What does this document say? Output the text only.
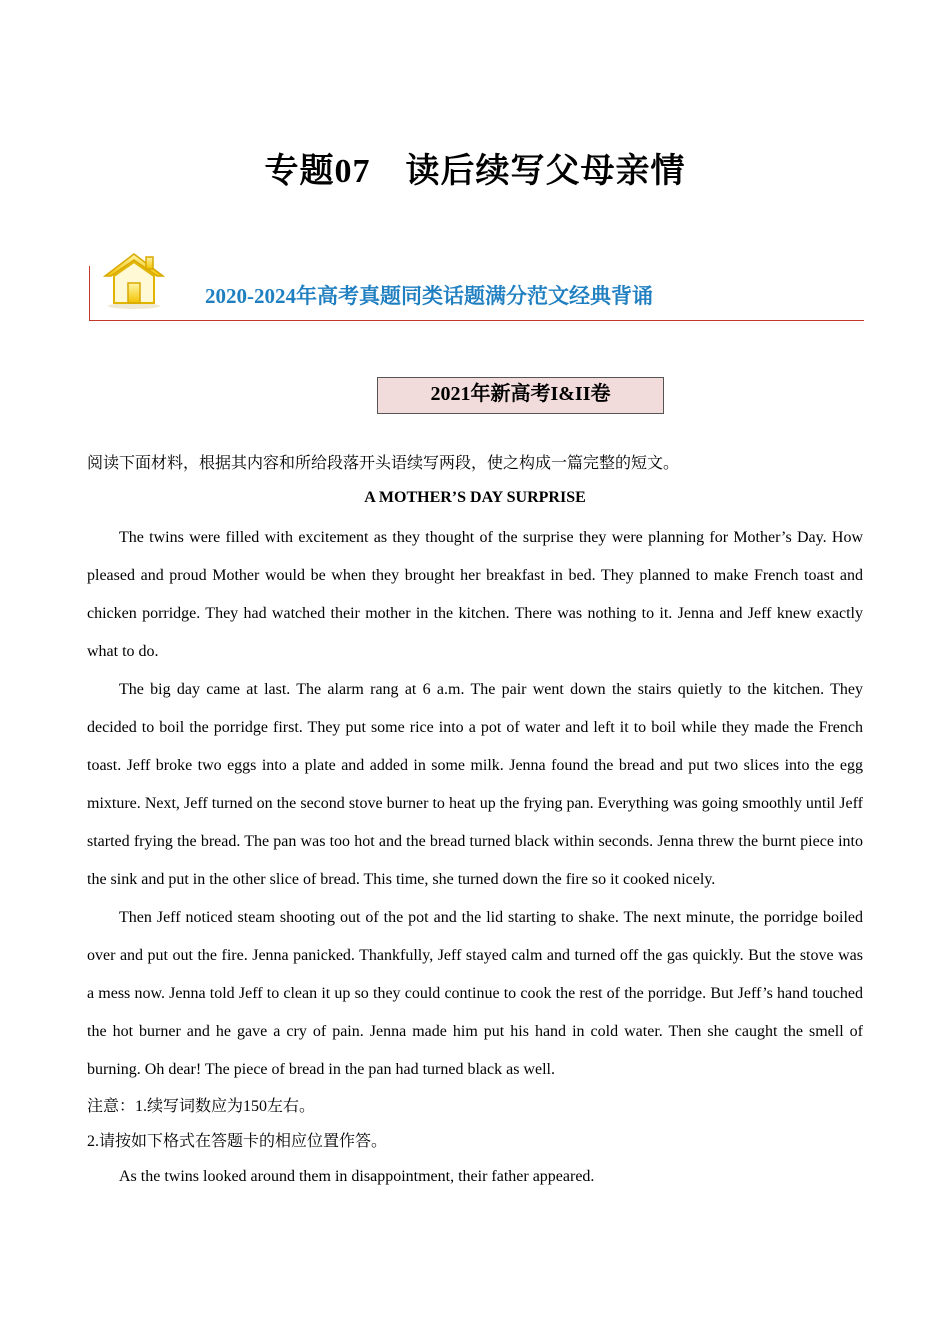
专题07　读后续写父母亲情
2020-2024年高考真题同类话题满分范文经典背诵
2021年新高考I&II卷

阅读下面材料，根据其内容和所给段落开头语续写两段，使之构成一篇完整的短文。

A MOTHER’S DAY SURPRISE

The twins were filled with excitement as they thought of the surprise they were planning for Mother’s Day. How pleased and proud Mother would be when they brought her breakfast in bed. They planned to make French toast and chicken porridge. They had watched their mother in the kitchen. There was nothing to it. Jenna and Jeff knew exactly what to do.

The big day came at last. The alarm rang at 6 a.m. The pair went down the stairs quietly to the kitchen. They decided to boil the porridge first. They put some rice into a pot of water and left it to boil while they made the French toast. Jeff broke two eggs into a plate and added in some milk. Jenna found the bread and put two slices into the egg mixture. Next, Jeff turned on the second stove burner to heat up the frying pan. Everything was going smoothly until Jeff started frying the bread. The pan was too hot and the bread turned black within seconds. Jenna threw the burnt piece into the sink and put in the other slice of bread. This time, she turned down the fire so it cooked nicely.

Then Jeff noticed steam shooting out of the pot and the lid starting to shake. The next minute, the porridge boiled over and put out the fire. Jenna panicked. Thankfully, Jeff stayed calm and turned off the gas quickly. But the stove was a mess now. Jenna told Jeff to clean it up so they could continue to cook the rest of the porridge. But Jeff’s hand touched the hot burner and he gave a cry of pain. Jenna made him put his hand in cold water. Then she caught the smell of burning. Oh dear! The piece of bread in the pan had turned black as well.

注意：1.续写词数应为150左右。

2.请按如下格式在答题卡的相应位置作答。

As the twins looked around them in disappointment, their father appeared.
